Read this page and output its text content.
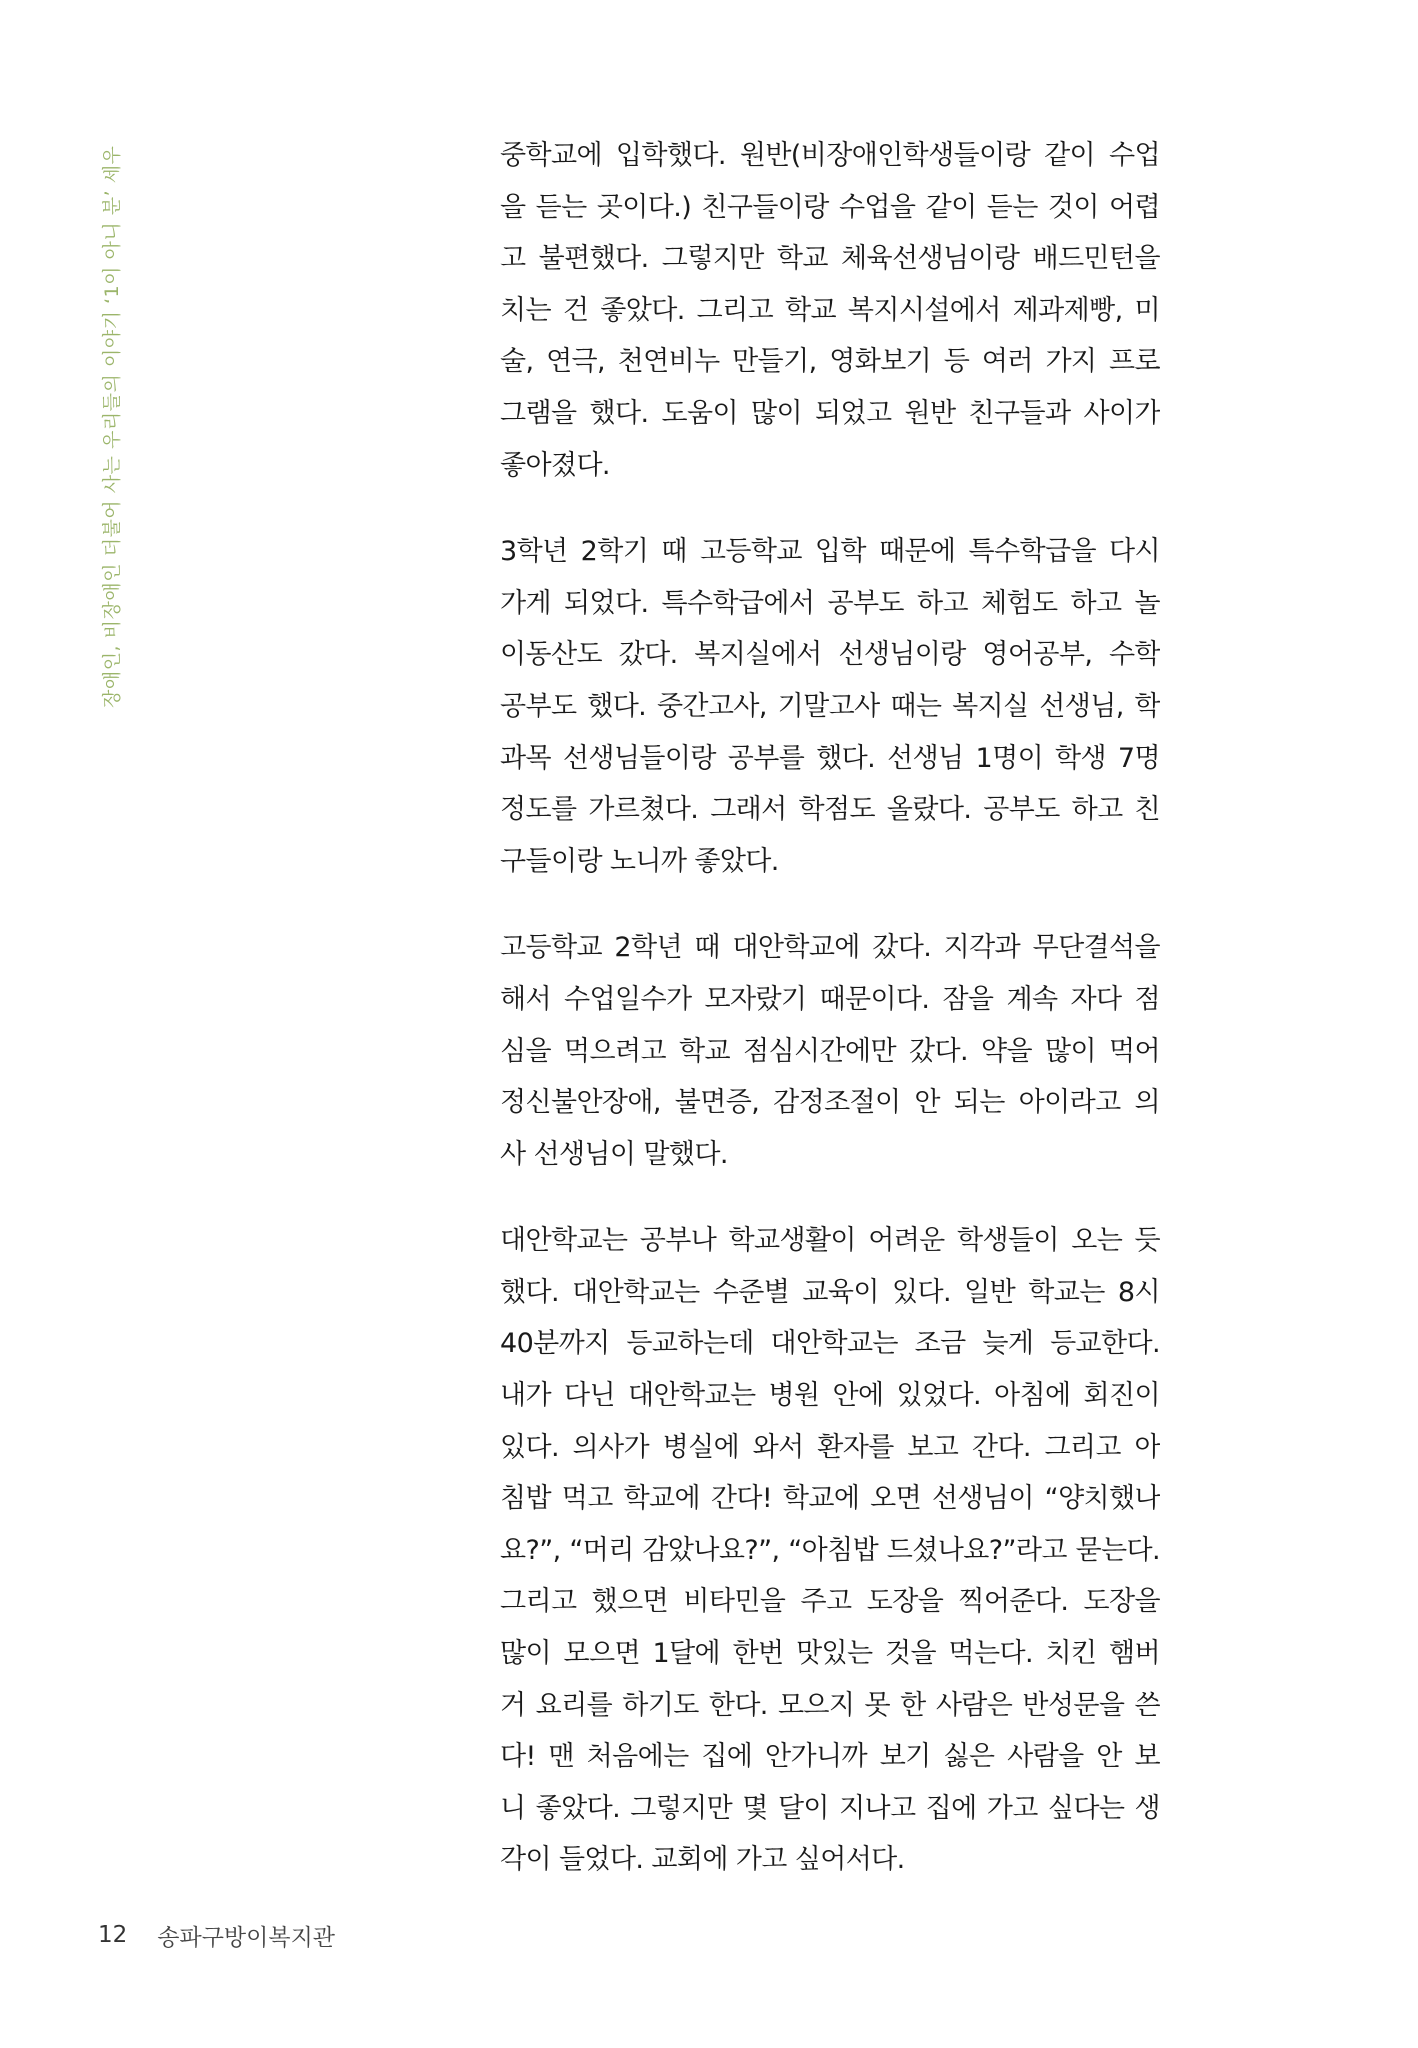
장애인, 비장애인 더불어 사는 우리들의 이야기 ‘1이 아니 분’ 세우	중학교에 입학했다. 원반(비장애인학생들이랑 같이 수업
을 듣는 곳이다.) 친구들이랑 수업을 같이 듣는 것이 어렵
고 불편했다. 그렇지만 학교 체육선생님이랑 배드민턴을
치는 건 좋았다. 그리고 학교 복지시설에서 제과제빵, 미
술, 연극, 천연비누 만들기, 영화보기 등 여러 가지 프로
그램을 했다. 도움이 많이 되었고 원반 친구들과 사이가
좋아졌다.

3학년 2학기 때 고등학교 입학 때문에 특수학급을 다시
가게 되었다. 특수학급에서 공부도 하고 체험도 하고 놀
이동산도 갔다. 복지실에서 선생님이랑 영어공부, 수학
공부도 했다. 중간고사, 기말고사 때는 복지실 선생님, 학
과목 선생님들이랑 공부를 했다. 선생님 1명이 학생 7명
정도를 가르쳤다. 그래서 학점도 올랐다. 공부도 하고 친
구들이랑 노니까 좋았다.

고등학교 2학년 때 대안학교에 갔다. 지각과 무단결석을
해서 수업일수가 모자랐기 때문이다. 잠을 계속 자다 점
심을 먹으려고 학교 점심시간에만 갔다. 약을 많이 먹어
정신불안장애, 불면증, 감정조절이 안 되는 아이라고 의
사 선생님이 말했다.

대안학교는 공부나 학교생활이 어려운 학생들이 오는 듯
했다. 대안학교는 수준별 교육이 있다. 일반 학교는 8시
40분까지 등교하는데 대안학교는 조금 늦게 등교한다.
내가 다닌 대안학교는 병원 안에 있었다. 아침에 회진이
있다. 의사가 병실에 와서 환자를 보고 간다. 그리고 아
침밥 먹고 학교에 간다! 학교에 오면 선생님이 “양치했나
요?”, “머리 감았나요?”, “아침밥 드셨나요?”라고 묻는다.
그리고 했으면 비타민을 주고 도장을 찍어준다. 도장을
많이 모으면 1달에 한번 맛있는 것을 먹는다. 치킨 햄버
거 요리를 하기도 한다. 모으지 못 한 사람은 반성문을 쓴
다! 맨 처음에는 집에 안가니까 보기 싫은 사람을 안 보
니 좋았다. 그렇지만 몇 달이 지나고 집에 가고 싶다는 생
각이 들었다. 교회에 가고 싶어서다.

12 송파구방이복지관
